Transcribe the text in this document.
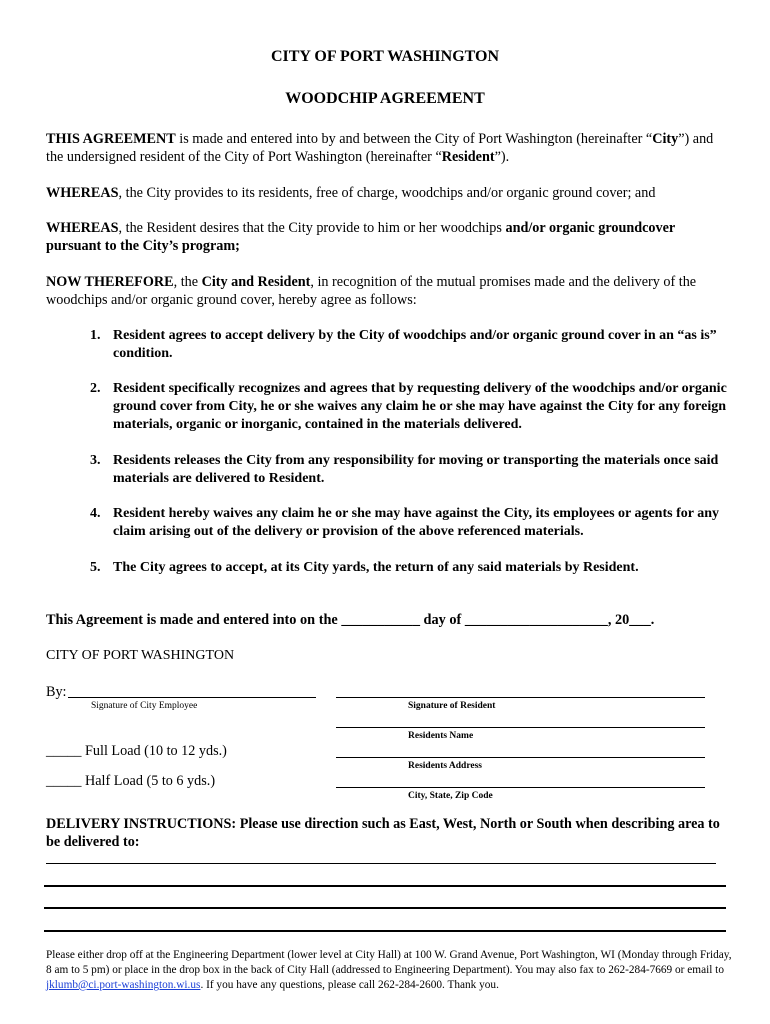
CITY OF PORT WASHINGTON
WOODCHIP AGREEMENT
THIS AGREEMENT is made and entered into by and between the City of Port Washington (hereinafter “City”) and the undersigned resident of the City of Port Washington (hereinafter “Resident”).
WHEREAS, the City provides to its residents, free of charge, woodchips and/or organic ground cover; and
WHEREAS, the Resident desires that the City provide to him or her woodchips and/or organic groundcover pursuant to the City’s program;
NOW THEREFORE, the City and Resident, in recognition of the mutual promises made and the delivery of the woodchips and/or organic ground cover, hereby agree as follows:
1. Resident agrees to accept delivery by the City of woodchips and/or organic ground cover in an “as is” condition.
2. Resident specifically recognizes and agrees that by requesting delivery of the woodchips and/or organic ground cover from City, he or she waives any claim he or she may have against the City for any foreign materials, organic or inorganic, contained in the materials delivered.
3. Residents releases the City from any responsibility for moving or transporting the materials once said materials are delivered to Resident.
4. Resident hereby waives any claim he or she may have against the City, its employees or agents for any claim arising out of the delivery or provision of the above referenced materials.
5. The City agrees to accept, at its City yards, the return of any said materials by Resident.
This Agreement is made and entered into on the ___________ day of ____________________, 20___.
CITY OF PORT WASHINGTON
By:
Signature of City Employee	Signature of Resident
Residents Name
_____ Full Load (10 to 12 yds.)
Residents Address
_____ Half Load (5 to 6 yds.)
City, State, Zip Code
DELIVERY INSTRUCTIONS: Please use direction such as East, West, North or South when describing area to be delivered to:
Please either drop off at the Engineering Department (lower level at City Hall) at 100 W. Grand Avenue, Port Washington, WI (Monday through Friday, 8 am to 5 pm) or place in the drop box in the back of City Hall (addressed to Engineering Department). You may also fax to 262-284-7669 or email to jklumb@ci.port-washington.wi.us. If you have any questions, please call 262-284-2600. Thank you.
